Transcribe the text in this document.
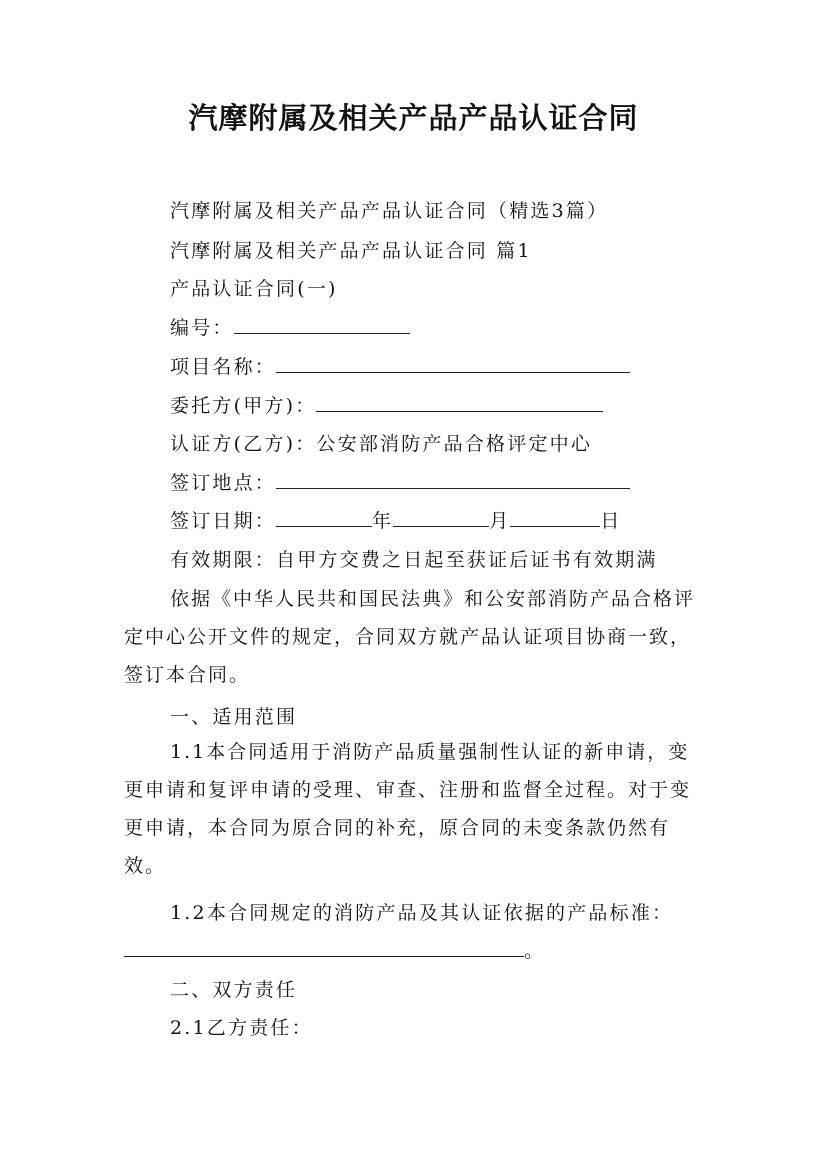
汽摩附属及相关产品产品认证合同
汽摩附属及相关产品产品认证合同（精选3篇）
汽摩附属及相关产品产品认证合同 篇1
产品认证合同(一)
编号：
项目名称：
委托方(甲方)：
认证方(乙方)：公安部消防产品合格评定中心
签订地点：
签订日期：	年	月	日
有效期限：自甲方交费之日起至获证后证书有效期满
依据《中华人民共和国民法典》和公安部消防产品合格评定中心公开文件的规定，合同双方就产品认证项目协商一致，签订本合同。
一、适用范围
1.1本合同适用于消防产品质量强制性认证的新申请，变更申请和复评申请的受理、审查、注册和监督全过程。对于变更申请，本合同为原合同的补充，原合同的未变条款仍然有效。
1.2本合同规定的消防产品及其认证依据的产品标准：
。
二、双方责任
2.1乙方责任：
